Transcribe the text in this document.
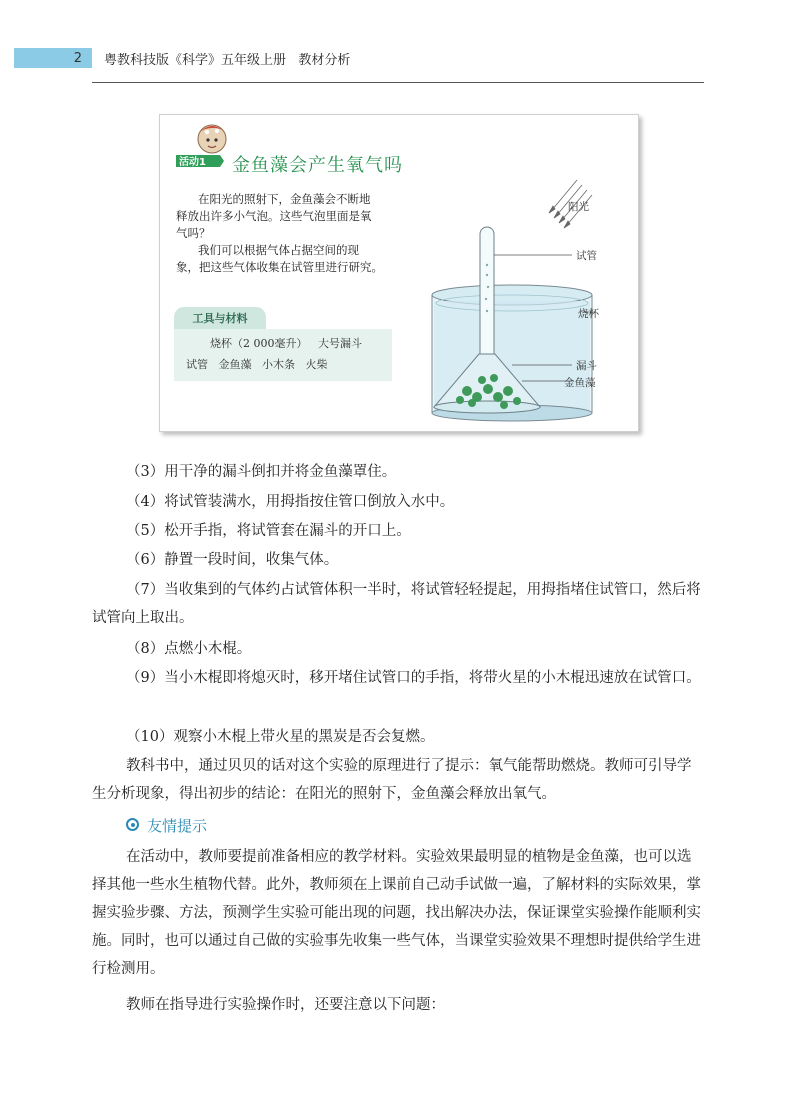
2	粤教科技版《科学》五年级上册   教材分析
活动1 金鱼藻会产生氧气吗
在阳光的照射下，金鱼藻会不断地
释放出许多小气泡。这些气泡里面是氧
气吗？
我们可以根据气体占据空间的现
象，把这些气体收集在试管里进行研究。
工具与材料
烧杯（2 000毫升）   大号漏斗
试管   金鱼藻   小木条   火柴
阳光
试管
烧杯
漏斗
金鱼藻
（3）用干净的漏斗倒扣并将金鱼藻罩住。
（4）将试管装满水，用拇指按住管口倒放入水中。
（5）松开手指，将试管套在漏斗的开口上。
（6）静置一段时间，收集气体。
（7）当收集到的气体约占试管体积一半时，将试管轻轻提起，用拇指堵住试管口，然后将试管向上取出。
（8）点燃小木棍。
（9）当小木棍即将熄灭时，移开堵住试管口的手指，将带火星的小木棍迅速放在试管口。
（10）观察小木棍上带火星的黑炭是否会复燃。
教科书中，通过贝贝的话对这个实验的原理进行了提示：氧气能帮助燃烧。教师可引导学生分析现象，得出初步的结论：在阳光的照射下，金鱼藻会释放出氧气。
友情提示
在活动中，教师要提前准备相应的教学材料。实验效果最明显的植物是金鱼藻，也可以选择其他一些水生植物代替。此外，教师须在上课前自己动手试做一遍，了解材料的实际效果，掌握实验步骤、方法，预测学生实验可能出现的问题，找出解决办法，保证课堂实验操作能顺利实施。同时，也可以通过自己做的实验事先收集一些气体，当课堂实验效果不理想时提供给学生进行检测用。
教师在指导进行实验操作时，还要注意以下问题：
